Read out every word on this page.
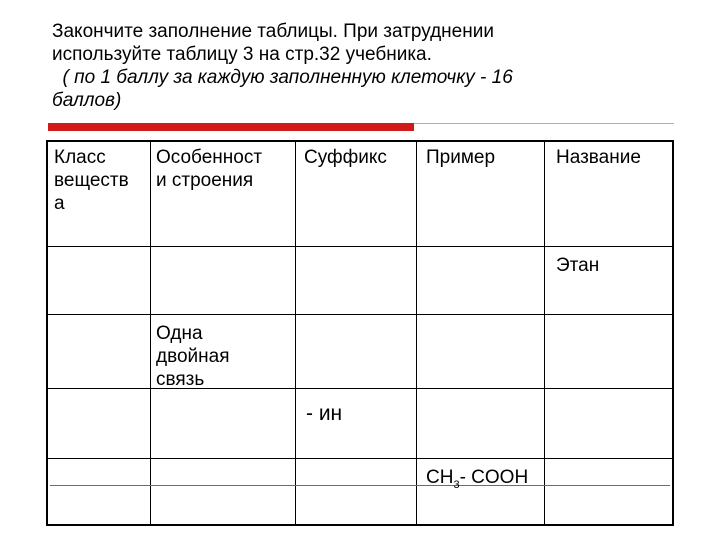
Закончите заполнение таблицы. При затруднении
используйте таблицу 3 на стр.32 учебника.
( по 1 баллу за каждую заполненную клеточку - 16
баллов)
Класс
веществ
а
Особенност
и строения
Суффикс Пример	Название
Этан
Одна
двойная
связь
- ин
$CH_3-$ COOH
